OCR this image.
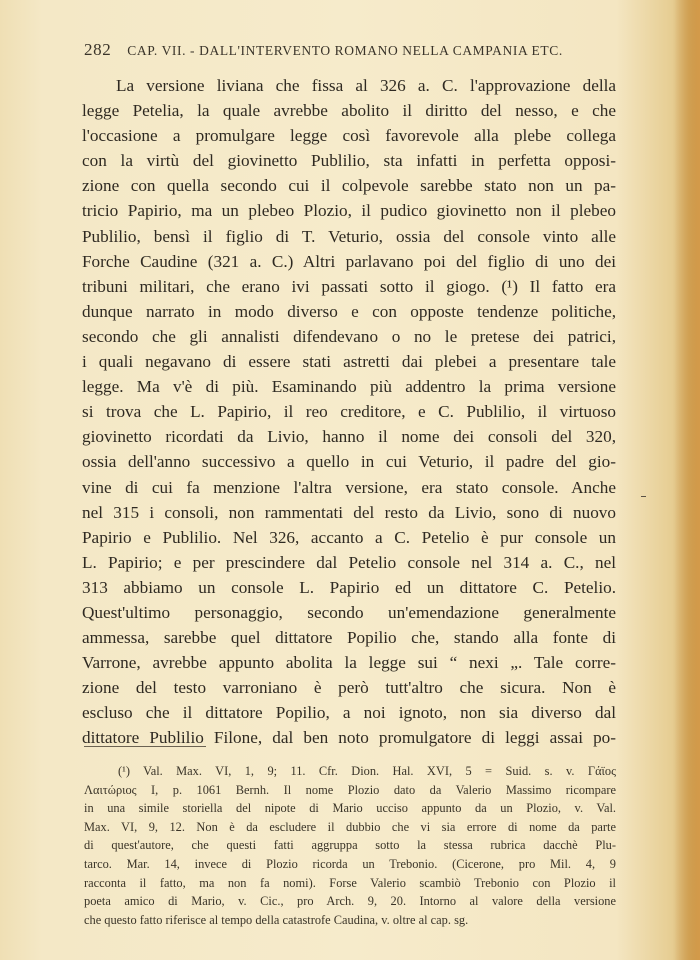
282 CAP. VII. - DALL'INTERVENTO ROMANO NELLA CAMPANIA ETC.
La versione liviana che fissa al 326 a. C. l'approvazione della
legge Petelia, la quale avrebbe abolito il diritto del nesso, e che
l'occasione a promulgare legge così favorevole alla plebe collega
con la virtù del giovinetto Publilio, sta infatti in perfetta opposi-
zione con quella secondo cui il colpevole sarebbe stato non un pa-
tricio Papirio, ma un plebeo Plozio, il pudico giovinetto non il plebeo
Publilio, bensì il figlio di T. Veturio, ossia del console vinto alle
Forche Caudine (321 a. C.) Altri parlavano poi del figlio di uno dei
tribuni militari, che erano ivi passati sotto il giogo. (¹) Il fatto era
dunque narrato in modo diverso e con opposte tendenze politiche,
secondo che gli annalisti difendevano o no le pretese dei patrici,
i quali negavano di essere stati astretti dai plebei a presentare tale
legge. Ma v'è di più. Esaminando più addentro la prima versione
si trova che L. Papirio, il reo creditore, e C. Publilio, il virtuoso
giovinetto ricordati da Livio, hanno il nome dei consoli del 320,
ossia dell'anno successivo a quello in cui Veturio, il padre del gio-
vine di cui fa menzione l'altra versione, era stato console. Anche
nel 315 i consoli, non rammentati del resto da Livio, sono di nuovo
Papirio e Publilio. Nel 326, accanto a C. Petelio è pur console un
L. Papirio; e per prescindere dal Petelio console nel 314 a. C., nel
313 abbiamo un console L. Papirio ed un dittatore C. Petelio.
Quest'ultimo personaggio, secondo un'emendazione generalmente
ammessa, sarebbe quel dittatore Popilio che, stando alla fonte di
Varrone, avrebbe appunto abolita la legge sui “ nexi „. Tale corre-
zione del testo varroniano è però tutt'altro che sicura. Non è
escluso che il dittatore Popilio, a noi ignoto, non sia diverso dal
dittatore Publilio Filone, dal ben noto promulgatore di leggi assai po-
(¹) Val. Max. VI, 1, 9; 11. Cfr. Dion. Hal. XVI, 5 = Suid. s. v. Γάϊος
Λαιτώριος I, p. 1061 Bernh. Il nome Plozio dato da Valerio Massimo ricompare
in una simile storiella del nipote di Mario ucciso appunto da un Plozio, v. Val.
Max. VI, 9, 12. Non è da escludere il dubbio che vi sia errore di nome da parte
di quest'autore, che questi fatti aggruppa sotto la stessa rubrica dacchè Plu-
tarco. Mar. 14, invece di Plozio ricorda un Trebonio. (Cicerone, pro Mil. 4, 9
racconta il fatto, ma non fa nomi). Forse Valerio scambiò Trebonio con Plozio il
poeta amico di Mario, v. Cic., pro Arch. 9, 20. Intorno al valore della versione
che questo fatto riferisce al tempo della catastrofe Caudina, v. oltre al cap. sg.
